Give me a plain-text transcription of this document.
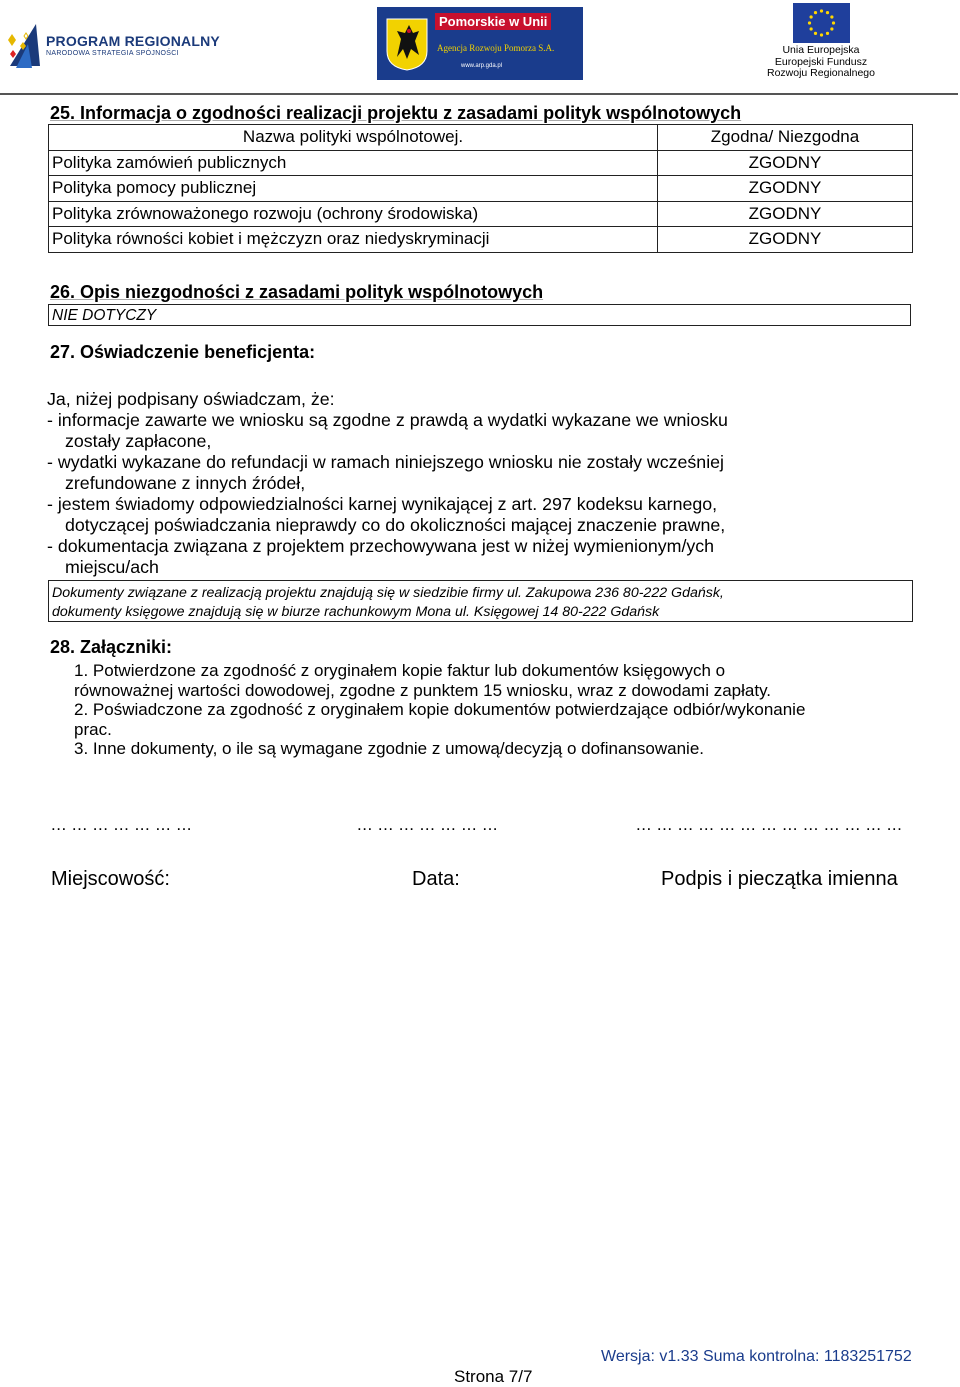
PROGRAM REGIONALNY
NARODOWA STRATEGIA SPÓJNOŚCI
Pomorskie w Unii
Agencja Rozwoju Pomorza S.A.
www.arp.gda.pl
Unia Europejska
Europejski Fundusz
Rozwoju Regionalnego
25. Informacja o zgodności realizacji projektu z zasadami polityk wspólnotowych
Nazwa polityki wspólnotowej.	Zgodna/ Niezgodna
Polityka zamówień publicznych	ZGODNY
Polityka pomocy publicznej	ZGODNY
Polityka zrównoważonego rozwoju (ochrony środowiska)	ZGODNY
Polityka równości kobiet i mężczyzn oraz niedyskryminacji	ZGODNY
26. Opis niezgodności z zasadami polityk wspólnotowych
NIE DOTYCZY
27. Oświadczenie beneficjenta:
Ja, niżej podpisany oświadczam, że:
- informacje zawarte we wniosku są zgodne z prawdą a wydatki wykazane we wniosku
zostały zapłacone,
- wydatki wykazane do refundacji w ramach niniejszego wniosku nie zostały wcześniej
zrefundowane z innych źródeł,
- jestem świadomy odpowiedzialności karnej wynikającej z art. 297 kodeksu karnego,
dotyczącej poświadczania nieprawdy co do okoliczności mającej znaczenie prawne,
- dokumentacja związana z projektem przechowywana jest w niżej wymienionym/ych
miejscu/ach
Dokumenty związane z realizacją projektu znajdują się w siedzibie firmy ul. Zakupowa 236 80-222 Gdańsk,
dokumenty księgowe znajdują się w biurze rachunkowym Mona ul. Księgowej 14 80-222 Gdańsk
28. Załączniki:
1. Potwierdzone za zgodność z oryginałem kopie faktur lub dokumentów księgowych o
równoważnej wartości dowodowej, zgodne z punktem 15 wniosku, wraz z dowodami zapłaty.
2. Poświadczone za zgodność z oryginałem kopie dokumentów potwierdzające odbiór/wykonanie
prac.
3. Inne dokumenty, o ile są wymagane zgodnie z umową/decyzją o dofinansowanie.
... ... ... ... ... ... ...	... ... ... ... ... ... ...	... ... ... ... ... ... ... ... ... ... ... ... ...
Miejscowość:	Data:	Podpis i pieczątka imienna
Wersja: v1.33 Suma kontrolna: 1183251752
Strona 7/7
